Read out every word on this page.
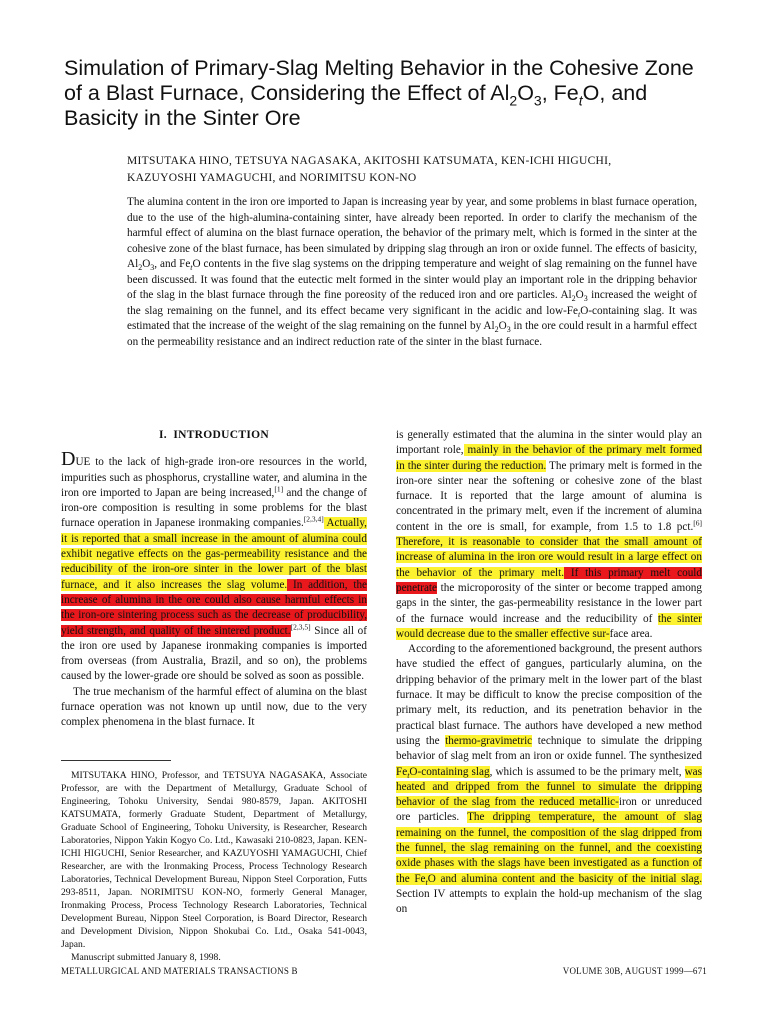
Simulation of Primary-Slag Melting Behavior in the Cohesive Zone of a Blast Furnace, Considering the Effect of $Al_2O_3$, $Fe_tO$, and Basicity in the Sinter Ore
MITSUTAKA HINO, TETSUYA NAGASAKA, AKITOSHI KATSUMATA, KEN-ICHI HIGUCHI,
KAZUYOSHI YAMAGUCHI, and NORIMITSU KON-NO
The alumina content in the iron ore imported to Japan is increasing year by year, and some problems in blast furnace operation, due to the use of the high-alumina-containing sinter, have already been reported. In order to clarify the mechanism of the harmful effect of alumina on the blast furnace operation, the behavior of the primary melt, which is formed in the sinter at the cohesive zone of the blast furnace, has been simulated by dripping slag through an iron or oxide funnel. The effects of basicity, $Al_2O_3$, and $Fe_tO$ contents in the five slag systems on the dripping temperature and weight of slag remaining on the funnel have been discussed. It was found that the eutectic melt formed in the sinter would play an important role in the dripping behavior of the slag in the blast furnace through the fine poreosity of the reduced iron and ore particles. $Al_2O_3$ increased the weight of the slag remaining on the funnel, and its effect became very significant in the acidic and low-$Fe_tO$-containing slag. It was estimated that the increase of the weight of the slag remaining on the funnel by $Al_2O_3$ in the ore could result in a harmful effect on the permeability resistance and an indirect reduction rate of the sinter in the blast furnace.
I.  INTRODUCTION

DUE to the lack of high-grade iron-ore resources in the world, impurities such as phosphorus, crystalline water, and alumina in the iron ore imported to Japan are being increased,[1] and the change of iron-ore composition is resulting in some problems for the blast furnace operation in Japanese ironmaking companies.[2,3,4] Actually, it is reported that a small increase in the amount of alumina could exhibit negative effects on the gas-permeability resistance and the reducibility of the iron-ore sinter in the lower part of the blast furnace, and it also increases the slag volume. In addition, the increase of alumina in the ore could also cause harmful effects in the iron-ore sintering process such as the decrease of producibility, yield strength, and quality of the sintered product.[2,3,5] Since all of the iron ore used by Japanese ironmaking companies is imported from overseas (from Australia, Brazil, and so on), the problems caused by the lower-grade ore should be solved as soon as possible.

The true mechanism of the harmful effect of alumina on the blast furnace operation was not known up until now, due to the very complex phenomena in the blast furnace. It

MITSUTAKA HINO, Professor, and TETSUYA NAGASAKA, Associate Professor, are with the Department of Metallurgy, Graduate School of Engineering, Tohoku University, Sendai 980-8579, Japan. AKITOSHI KATSUMATA, formerly Graduate Student, Department of Metallurgy, Graduate School of Engineering, Tohoku University, is Researcher, Research Laboratories, Nippon Yakin Kogyo Co. Ltd., Kawasaki 210-0823, Japan. KEN-ICHI HIGUCHI, Senior Researcher, and KAZUYOSHI YAMAGUCHI, Chief Researcher, are with the Ironmaking Process, Process Technology Research Laboratories, Technical Development Bureau, Nippon Steel Corporation, Futts 293-8511, Japan. NORIMITSU KON-NO, formerly General Manager, Ironmaking Process, Process Technology Research Laboratories, Technical Development Bureau, Nippon Steel Corporation, is Board Director, Research and Development Division, Nippon Shokubai Co. Ltd., Osaka 541-0043, Japan.

Manuscript submitted January 8, 1998.

is generally estimated that the alumina in the sinter would play an important role, mainly in the behavior of the primary melt formed in the sinter during the reduction. The primary melt is formed in the iron-ore sinter near the softening or cohesive zone of the blast furnace. It is reported that the large amount of alumina is concentrated in the primary melt, even if the increment of alumina content in the ore is small, for example, from 1.5 to 1.8 pct.[6] Therefore, it is reasonable to consider that the small amount of increase of alumina in the iron ore would result in a large effect on the behavior of the primary melt. If this primary melt could penetrate the microporosity of the sinter or become trapped among gaps in the sinter, the gas-permeability resistance in the lower part of the furnace would increase and the reducibility of the sinter would decrease due to the smaller effective sur-face area.

According to the aforementioned background, the present authors have studied the effect of gangues, particularly alumina, on the dripping behavior of the primary melt in the lower part of the blast furnace. It may be difficult to know the precise composition of the primary melt, its reduction, and its penetration behavior in the practical blast furnace. The authors have developed a new method using the thermo-gravimetric technique to simulate the dripping behavior of slag melt from an iron or oxide funnel. The synthesized $Fe_tO$-containing slag, which is assumed to be the primary melt, was heated and dripped from the funnel to simulate the dripping behavior of the slag from the reduced metallic-iron or unreduced ore particles. The dripping temperature, the amount of slag remaining on the funnel, the composition of the slag dripped from the funnel, the slag remaining on the funnel, and the coexisting oxide phases with the slags have been investigated as a function of the $Fe_tO$ and alumina content and the basicity of the initial slag. Section IV attempts to explain the hold-up mechanism of the slag on

METALLURGICAL AND MATERIALS TRANSACTIONS B	VOLUME 30B, AUGUST 1999—671
